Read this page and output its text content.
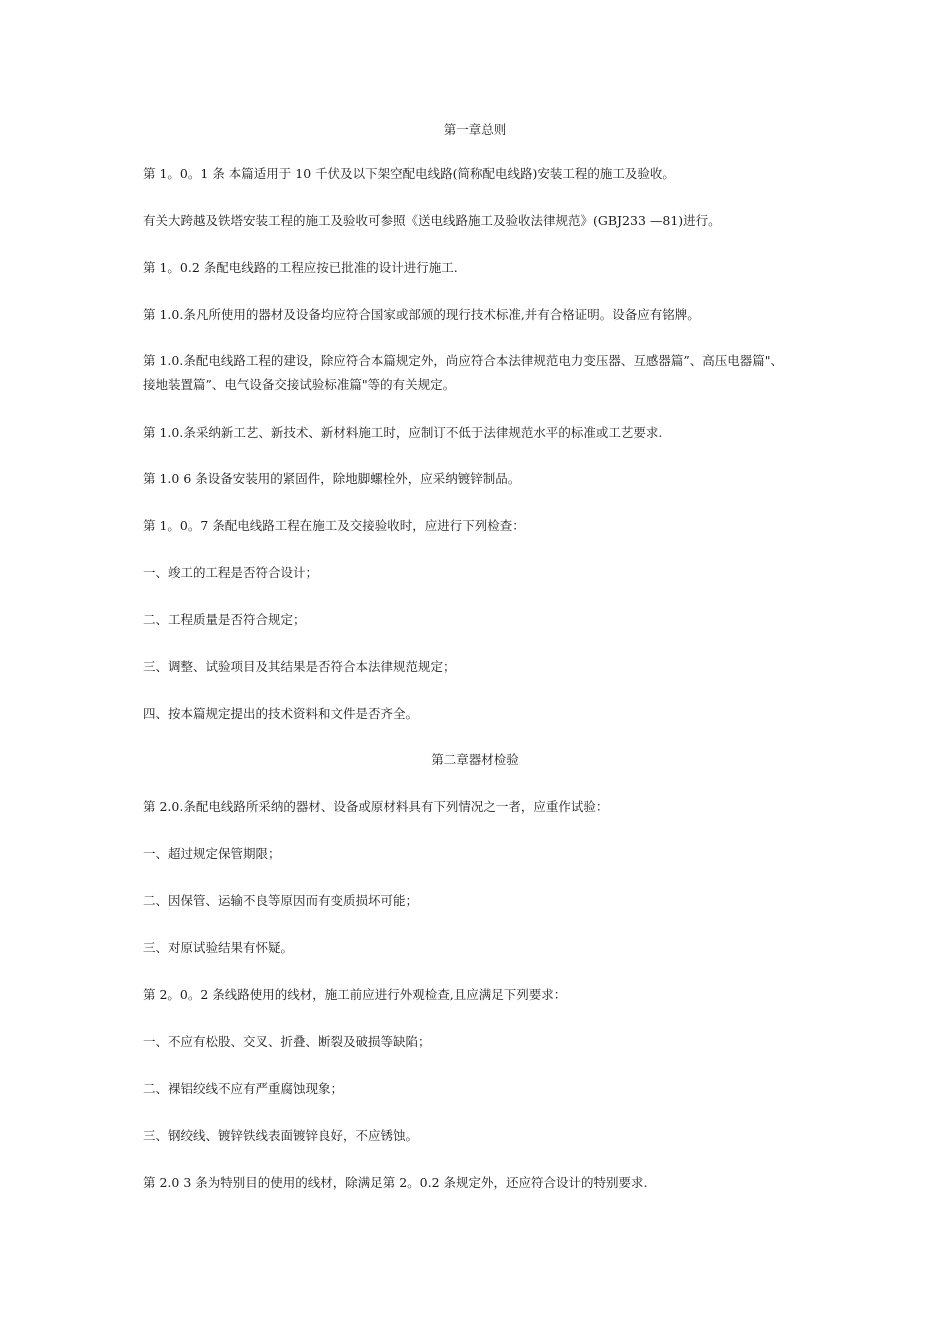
第一章总则
第 1。0。1 条 本篇适用于 10 千伏及以下架空配电线路(简称配电线路)安装工程的施工及验收。
有关大跨越及铁塔安装工程的施工及验收可参照《送电线路施工及验收法律规范》(GBJ233 —81)进行。
第 1。0.2 条配电线路的工程应按已批准的设计进行施工.
第 1.0.条凡所使用的器材及设备均应符合国家或部颁的现行技术标准,并有合格证明。设备应有铭牌。
第 1.0.条配电线路工程的建设，除应符合本篇规定外，尚应符合本法律规范电力变压器、互感器篇”、高压电器篇"、
接地装置篇”、电气设备交接试验标准篇"等的有关规定。
第 1.0.条采纳新工艺、新技术、新材料施工时，应制订不低于法律规范水平的标准或工艺要求.
第 1.0 6 条设备安装用的紧固件，除地脚螺栓外，应采纳镀锌制品。
第 1。0。7 条配电线路工程在施工及交接验收时，应进行下列检查：
一、竣工的工程是否符合设计；
二、工程质量是否符合规定；
三、调整、试验项目及其结果是否符合本法律规范规定；
四、按本篇规定提出的技术资料和文件是否齐全。
第二章器材检验
第 2.0.条配电线路所采纳的器材、设备或原材料具有下列情况之一者，应重作试验：
一、超过规定保管期限；
二、因保管、运输不良等原因而有变质损坏可能；
三、对原试验结果有怀疑。
第 2。0。2 条线路使用的线材，施工前应进行外观检查,且应满足下列要求：
一、不应有松股、交叉、折叠、断裂及破损等缺陷；
二、裸铝绞线不应有严重腐蚀现象；
三、钢绞线、镀锌铁线表面镀锌良好，不应锈蚀。
第 2.0 3 条为特别目的使用的线材，除满足第 2。0.2 条规定外，还应符合设计的特别要求.
